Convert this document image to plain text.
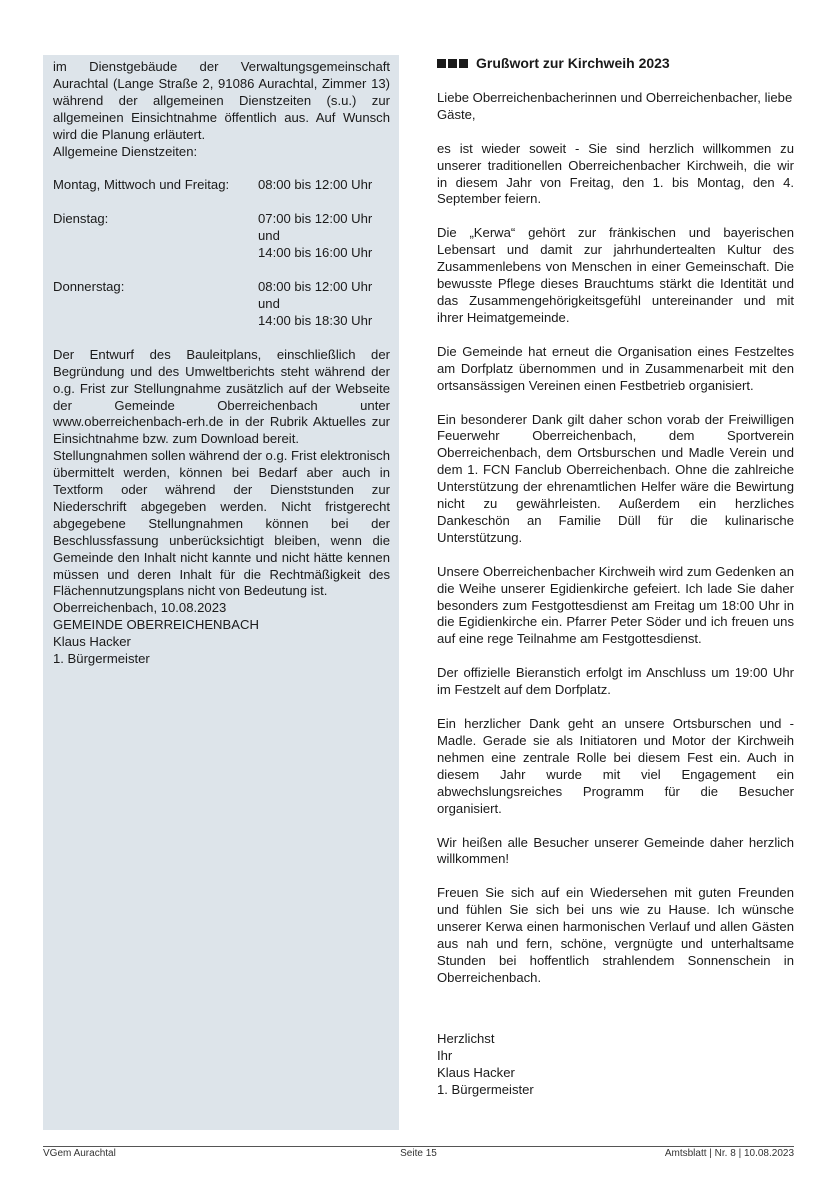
im Dienstgebäude der Verwaltungsgemeinschaft Aurachtal (Lange Straße 2, 91086 Aurachtal, Zimmer 13) während der allgemeinen Dienstzeiten (s.u.) zur allgemeinen Einsichtnahme öffentlich aus. Auf Wunsch wird die Planung erläutert.

Allgemeine Dienstzeiten:

Montag, Mittwoch und Freitag:	08:00 bis 12:00 Uhr
Dienstag:	07:00 bis 12:00 Uhr
und
14:00 bis 16:00 Uhr
Donnerstag:	08:00 bis 12:00 Uhr
und
14:00 bis 18:30 Uhr

Der Entwurf des Bauleitplans, einschließlich der Begründung und des Umweltberichts steht während der o.g. Frist zur Stellungnahme zusätzlich auf der Webseite der Gemeinde Oberreichenbach unter www.oberreichenbach-erh.de in der Rubrik Aktuelles zur Einsichtnahme bzw. zum Download bereit.

Stellungnahmen sollen während der o.g. Frist elektronisch übermittelt werden, können bei Bedarf aber auch in Textform oder während der Dienststunden zur Niederschrift abgegeben werden. Nicht fristgerecht abgegebene Stellungnahmen können bei der Beschlussfassung unberücksichtigt bleiben, wenn die Gemeinde den Inhalt nicht kannte und nicht hätte kennen müssen und deren Inhalt für die Rechtmäßigkeit des Flächennutzungsplans nicht von Bedeutung ist.

Oberreichenbach, 10.08.2023

GEMEINDE OBERREICHENBACH

Klaus Hacker

1. Bürgermeister

Grußwort zur Kirchweih 2023

Liebe Oberreichenbacherinnen und Oberreichenbacher, liebe Gäste,

es ist wieder soweit - Sie sind herzlich willkommen zu unserer traditionellen Oberreichenbacher Kirchweih, die wir in diesem Jahr von Freitag, den 1. bis Montag, den 4. September feiern.

Die „Kerwa“ gehört zur fränkischen und bayerischen Lebensart und damit zur jahrhundertealten Kultur des Zusammenlebens von Menschen in einer Gemeinschaft. Die bewusste Pflege dieses Brauchtums stärkt die Identität und das Zusammengehörigkeitsgefühl untereinander und mit ihrer Heimatgemeinde.

Die Gemeinde hat erneut die Organisation eines Festzeltes am Dorfplatz übernommen und in Zusammenarbeit mit den ortsansässigen Vereinen einen Festbetrieb organisiert.

Ein besonderer Dank gilt daher schon vorab der Freiwilligen Feuerwehr Oberreichenbach, dem Sportverein Oberreichenbach, dem Ortsburschen und Madle Verein und dem 1. FCN Fanclub Oberreichenbach. Ohne die zahlreiche Unterstützung der ehrenamtlichen Helfer wäre die Bewirtung nicht zu gewährleisten. Außerdem ein herzliches Dankeschön an Familie Düll für die kulinarische Unterstützung.

Unsere Oberreichenbacher Kirchweih wird zum Gedenken an die Weihe unserer Egidienkirche gefeiert. Ich lade Sie daher besonders zum Festgottesdienst am Freitag um 18:00 Uhr in die Egidienkirche ein. Pfarrer Peter Söder und ich freuen uns auf eine rege Teilnahme am Festgottesdienst.

Der offizielle Bieranstich erfolgt im Anschluss um 19:00 Uhr im Festzelt auf dem Dorfplatz.

Ein herzlicher Dank geht an unsere Ortsburschen und -Madle. Gerade sie als Initiatoren und Motor der Kirchweih nehmen eine zentrale Rolle bei diesem Fest ein. Auch in diesem Jahr wurde mit viel Engagement ein abwechslungsreiches Programm für die Besucher organisiert.

Wir heißen alle Besucher unserer Gemeinde daher herzlich willkommen!

Freuen Sie sich auf ein Wiedersehen mit guten Freunden und fühlen Sie sich bei uns wie zu Hause. Ich wünsche unserer Kerwa einen harmonischen Verlauf und allen Gästen aus nah und fern, schöne, vergnügte und unterhaltsame Stunden bei hoffentlich strahlendem Sonnenschein in Oberreichenbach.

Herzlichst
Ihr
Klaus Hacker
1. Bürgermeister
VGem Aurachtal	Seite 15	Amtsblatt | Nr. 8 | 10.08.2023
